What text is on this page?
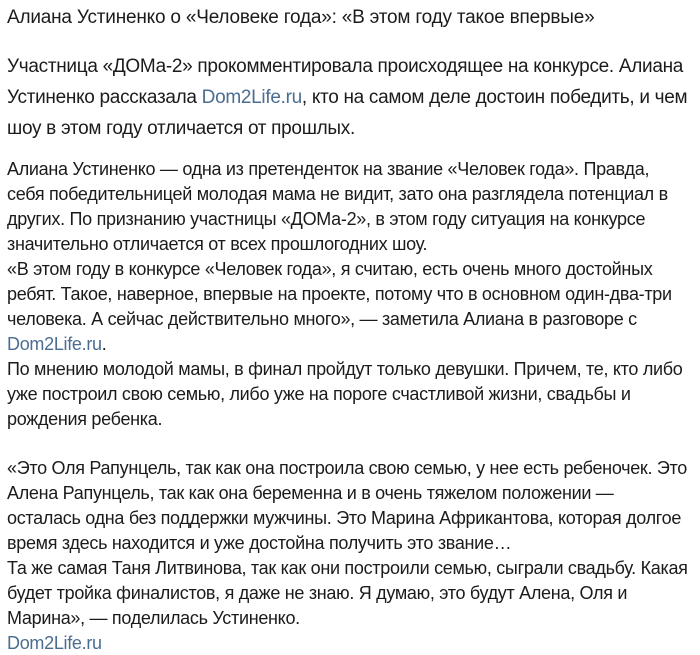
Алиана Устиненко о «Человеке года»: «В этом году такое впервые»

Участница «ДОМа-2» прокомментировала происходящее на конкурсе. Алиана Устиненко рассказала Dom2Life.ru, кто на самом деле достоин победить, и чем шоу в этом году отличается от прошлых.

Алиана Устиненко — одна из претенденток на звание «Человек года». Правда, себя победительницей молодая мама не видит, зато она разглядела потенциал в других. По признанию участницы «ДОМа-2», в этом году ситуация на конкурсе значительно отличается от всех прошлогодних шоу.

«В этом году в конкурсе «Человек года», я считаю, есть очень много достойных ребят. Такое, наверное, впервые на проекте, потому что в основном один-два-три человека. А сейчас действительно много», — заметила Алиана в разговоре с Dom2Life.ru.

По мнению молодой мамы, в финал пройдут только девушки. Причем, те, кто либо уже построил свою семью, либо уже на пороге счастливой жизни, свадьбы и рождения ребенка.

«Это Оля Рапунцель, так как она построила свою семью, у нее есть ребеночек. Это Алена Рапунцель, так как она беременна и в очень тяжелом положении — осталась одна без поддержки мужчины. Это Марина Африкантова, которая долгое время здесь находится и уже достойна получить это звание…

Та же самая Таня Литвинова, так как они построили семью, сыграли свадьбу. Какая будет тройка финалистов, я даже не знаю. Я думаю, это будут Алена, Оля и Марина», — поделилась Устиненко.

Dom2Life.ru
